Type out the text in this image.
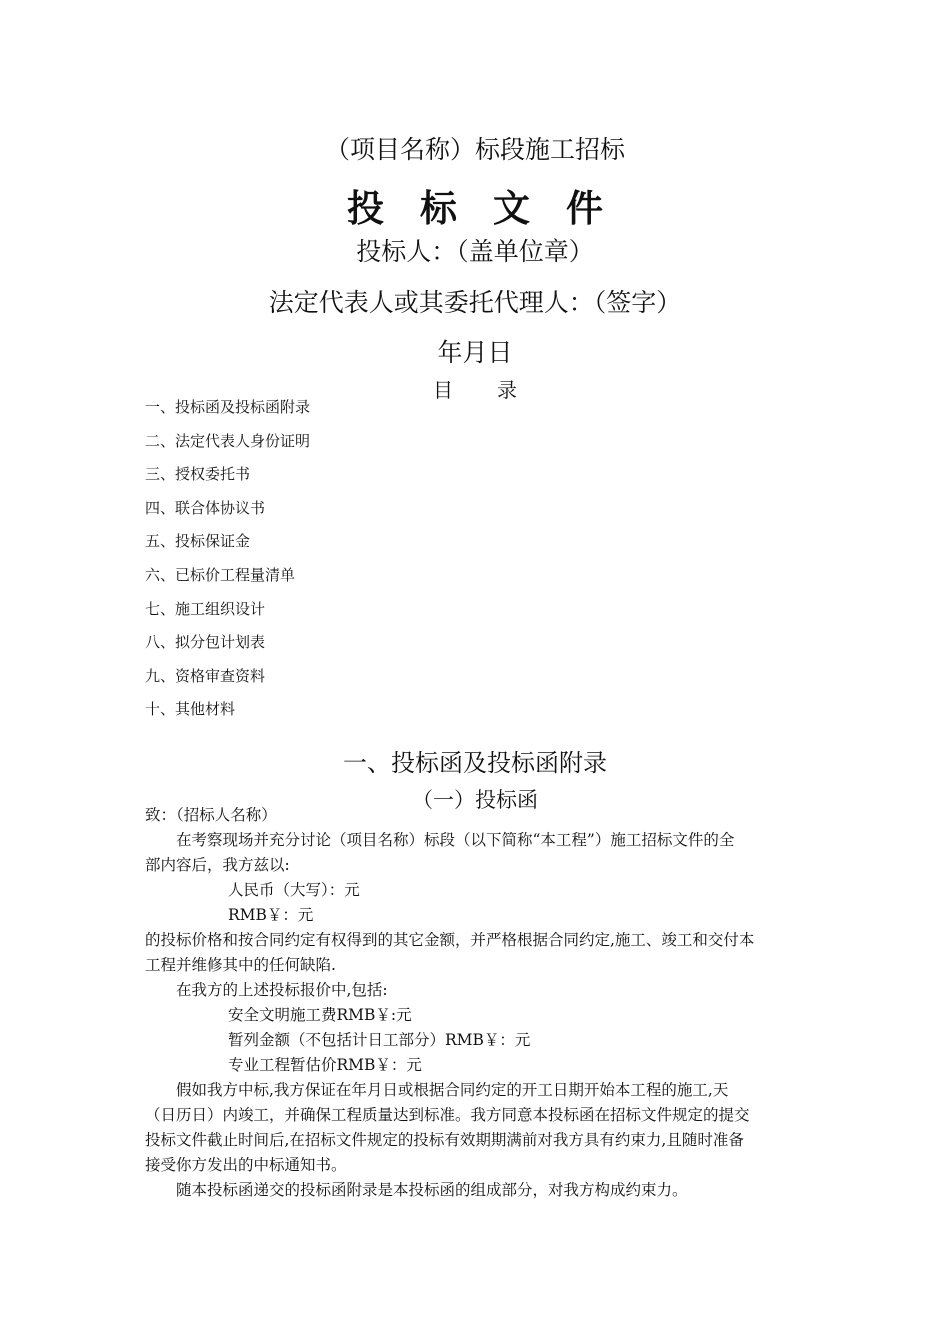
（项目名称）标段施工招标
投 标 文 件
投标人：（盖单位章）
法定代表人或其委托代理人：（签字）
年月日
目 录
一、投标函及投标函附录
二、法定代表人身份证明
三、授权委托书
四、联合体协议书
五、投标保证金
六、已标价工程量清单
七、施工组织设计
八、拟分包计划表
九、资格审查资料
十、其他材料
一、投标函及投标函附录
（一）投标函
致：（招标人名称）
在考察现场并充分讨论（项目名称）标段（以下简称“本工程”）施工招标文件的全
部内容后，我方兹以:
人民币（大写）：元
RMB￥：元
的投标价格和按合同约定有权得到的其它金额，并严格根据合同约定,施工、竣工和交付本
工程并维修其中的任何缺陷.
在我方的上述投标报价中,包括:
安全文明施工费RMB￥:元
暂列金额（不包括计日工部分）RMB￥：元
专业工程暂估价RMB￥：元
假如我方中标,我方保证在年月日或根据合同约定的开工日期开始本工程的施工,天
（日历日）内竣工，并确保工程质量达到标准。我方同意本投标函在招标文件规定的提交
投标文件截止时间后,在招标文件规定的投标有效期期满前对我方具有约束力,且随时准备
接受你方发出的中标通知书。
随本投标函递交的投标函附录是本投标函的组成部分，对我方构成约束力。
